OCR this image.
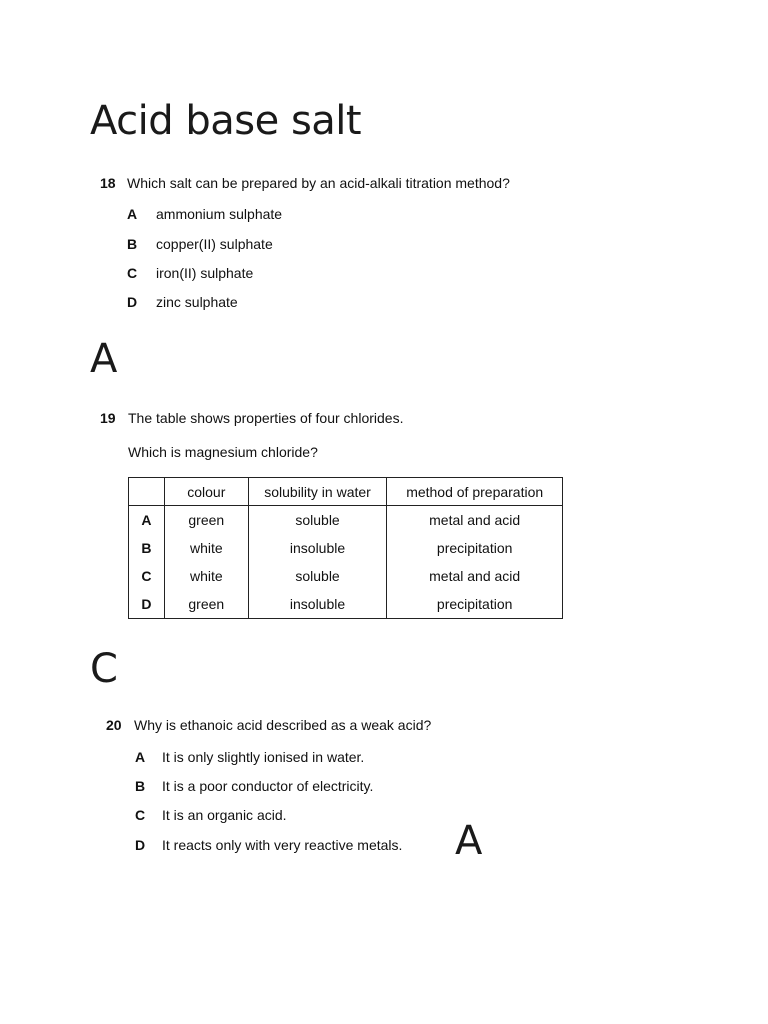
Acid base salt
18 Which salt can be prepared by an acid-alkali titration method?
A ammonium sulphate
B copper(II) sulphate
C iron(II) sulphate
D zinc sulphate
A
19 The table shows properties of four chlorides.
Which is magnesium chloride?
	colour	solubility in water	method of preparation
A	green	soluble	metal and acid
B	white	insoluble	precipitation
C	white	soluble	metal and acid
D	green	insoluble	precipitation
C
20 Why is ethanoic acid described as a weak acid?
A It is only slightly ionised in water.
B It is a poor conductor of electricity.
C It is an organic acid.
D It reacts only with very reactive metals. A
